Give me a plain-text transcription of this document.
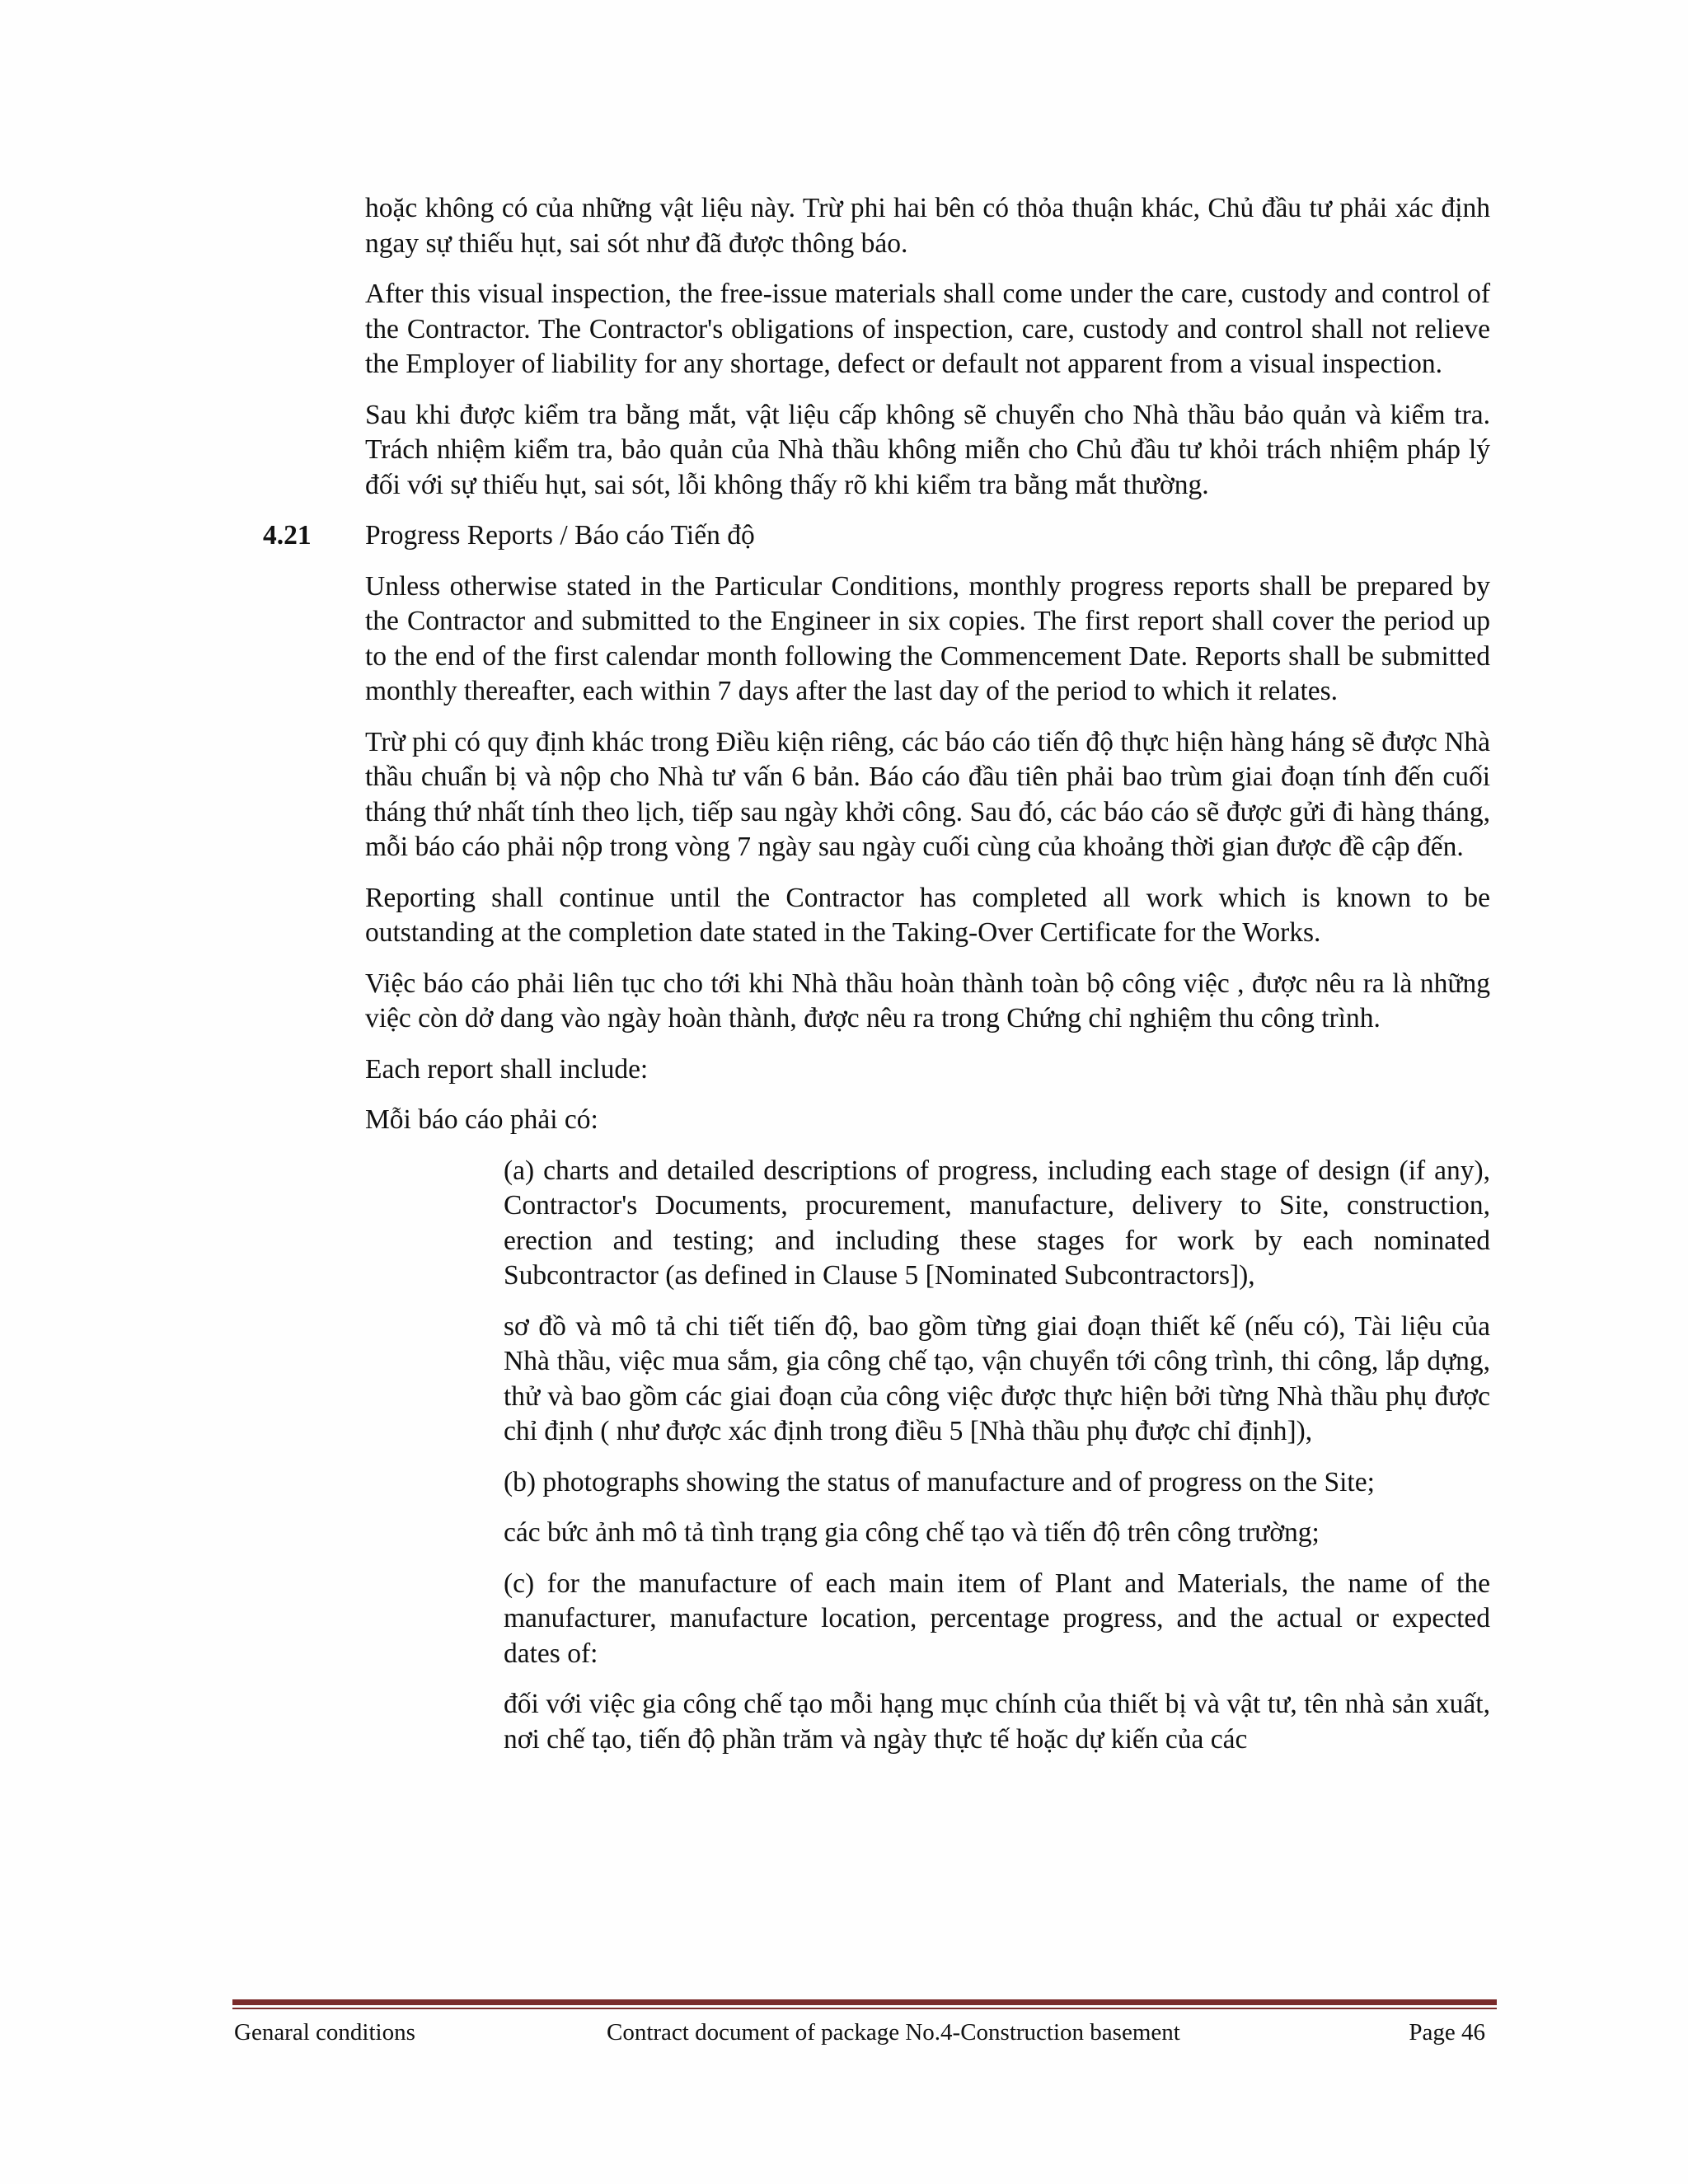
hoặc không có của những vật liệu này. Trừ phi hai bên có thỏa thuận khác, Chủ đầu tư phải xác định ngay sự thiếu hụt, sai sót như đã được thông báo.

After this visual inspection, the free-issue materials shall come under the care, custody and control of the Contractor. The Contractor's obligations of inspection, care, custody and control shall not relieve the Employer of liability for any shortage, defect or default not apparent from a visual inspection.

Sau khi được kiểm tra bằng mắt, vật liệu cấp không sẽ chuyển cho Nhà thầu bảo quản và kiểm tra. Trách nhiệm kiểm tra, bảo quản của Nhà thầu không miễn cho Chủ đầu tư khỏi trách nhiệm pháp lý đối với sự thiếu hụt, sai sót, lỗi không thấy rõ khi kiểm tra bằng mắt thường.

4.21 Progress Reports / Báo cáo Tiến độ

Unless otherwise stated in the Particular Conditions, monthly progress reports shall be prepared by the Contractor and submitted to the Engineer in six copies. The first report shall cover the period up to the end of the first calendar month following the Commencement Date. Reports shall be submitted monthly thereafter, each within 7 days after the last day of the period to which it relates.

Trừ phi có quy định khác trong Điều kiện riêng, các báo cáo tiến độ thực hiện hàng háng sẽ được Nhà thầu chuẩn bị và nộp cho Nhà tư vấn 6 bản. Báo cáo đầu tiên phải bao trùm giai đoạn tính đến cuối tháng thứ nhất tính theo lịch, tiếp sau ngày khởi công. Sau đó, các báo cáo sẽ được gửi đi hàng tháng, mỗi báo cáo phải nộp trong vòng 7 ngày sau ngày cuối cùng của khoảng thời gian được đề cập đến.

Reporting shall continue until the Contractor has completed all work which is known to be outstanding at the completion date stated in the Taking-Over Certificate for the Works.

Việc báo cáo phải liên tục cho tới khi Nhà thầu hoàn thành toàn bộ công việc , được nêu ra là những việc còn dở dang vào ngày hoàn thành, được nêu ra trong Chứng chỉ nghiệm thu công trình.

Each report shall include:

Mỗi báo cáo phải có:

(a) charts and detailed descriptions of progress, including each stage of design (if any), Contractor's Documents, procurement, manufacture, delivery to Site, construction, erection and testing; and including these stages for work by each nominated Subcontractor (as defined in Clause 5 [Nominated Subcontractors]),

sơ đồ và mô tả chi tiết tiến độ, bao gồm từng giai đoạn thiết kế (nếu có), Tài liệu của Nhà thầu, việc mua sắm, gia công chế tạo, vận chuyển tới công trình, thi công, lắp dựng, thử và bao gồm các giai đoạn của công việc được thực hiện bởi từng Nhà thầu phụ được chỉ định ( như được xác định trong điều 5 [Nhà thầu phụ được chỉ định]),

(b) photographs showing the status of manufacture and of progress on the Site;

các bức ảnh mô tả tình trạng gia công chế tạo và tiến độ trên công trường;

(c) for the manufacture of each main item of Plant and Materials, the name of the manufacturer, manufacture location, percentage progress, and the actual or expected dates of:

đối với việc gia công chế tạo mỗi hạng mục chính của thiết bị và vật tư, tên nhà sản xuất, nơi chế tạo, tiến độ phần trăm và ngày thực tế hoặc dự kiến của các

Genaral conditions	Contract document of package No.4-Construction basement	Page 46
